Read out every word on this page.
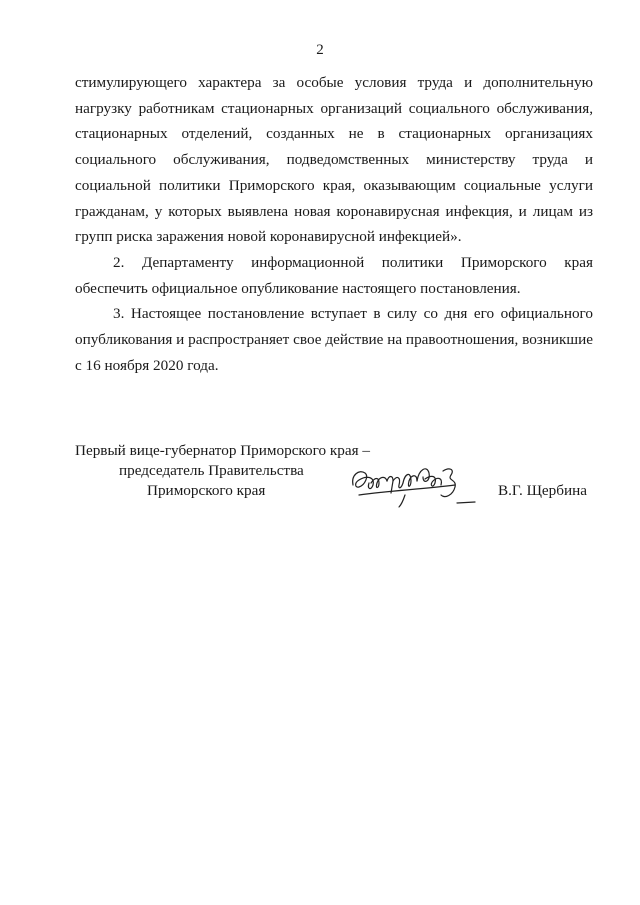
2

стимулирующего характера за особые условия труда и дополнительную
нагрузку работникам стационарных организаций социального обслуживания,
стационарных отделений, созданных не в стационарных организациях
социального обслуживания, подведомственных министерству труда и
социальной политики Приморского края, оказывающим социальные услуги
гражданам, у которых выявлена новая коронавирусная инфекция, и лицам из
групп риска заражения новой коронавирусной инфекцией».

2. Департаменту информационной политики Приморского края
обеспечить официальное опубликование настоящего постановления.

3. Настоящее постановление вступает в силу со дня его официального
опубликования и распространяет свое действие на правоотношения, возникшие
с 16 ноября 2020 года.

Первый вице-губернатор Приморского края –
председатель Правительства
Приморского края	В.Г. Щербина
